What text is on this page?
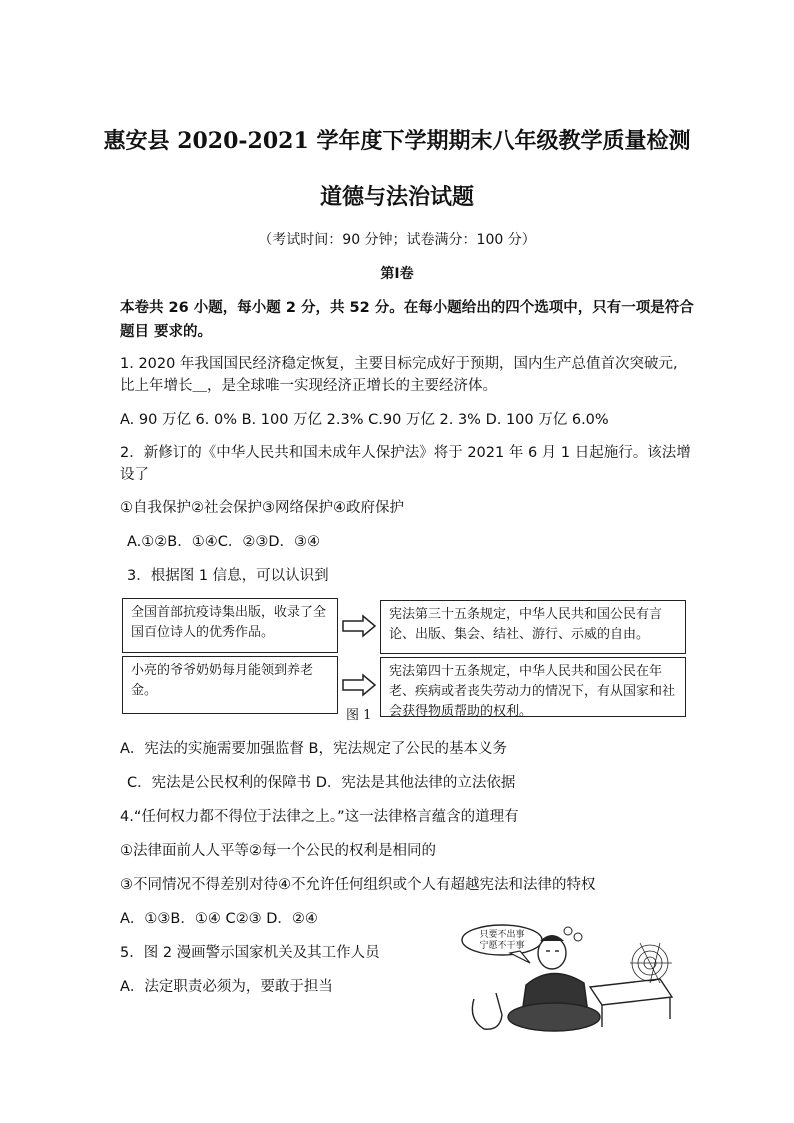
惠安县 2020-2021 学年度下学期期末八年级教学质量检测
道德与法治试题
（考试时间：90 分钟；试卷满分：100 分）
第Ⅰ卷
本卷共 26 小题，每小题 2 分，共 52 分。在每小题给出的四个选项中，只有一项是符合
题目 要求的。
1. 2020 年我国国民经济稳定恢复，主要目标完成好于预期，国内生产总值首次突破元,
比上年增长＿，是全球唯一实现经济正增长的主要经济体。
A. 90 万亿 6. 0% B. 100 万亿 2.3% C.90 万亿 2. 3% D. 100 万亿 6.0%
2．新修订的《中华人民共和国未成年人保护法》将于 2021 年 6 月 1 日起施行。该法增
设了
①自我保护②社会保护③网络保护④政府保护
A.①②B．①④C．②③D．③④
3．根据图 1 信息，可以认识到
全国首部抗疫诗集出版，收录了全国百位诗人的优秀作品。
宪法第三十五条规定，中华人民共和国公民有言论、出版、集会、结社、游行、示威的自由。
小亮的爷爷奶奶每月能领到养老金。
图 1
宪法第四十五条规定，中华人民共和国公民在年老、疾病或者丧失劳动力的情况下，有从国家和社会获得物质帮助的权利。
A．宪法的实施需要加强监督 B，宪法规定了公民的基本义务
C．宪法是公民权利的保障书 D．宪法是其他法律的立法依据
4.“任何权力都不得位于法律之上。”这一法律格言蕴含的道理有
①法律面前人人平等②每一个公民的权利是相同的
③不同情况不得差别对待④不允许任何组织或个人有超越宪法和法律的特权
A．①③B．①④ C②③ D．②④
5．图 2 漫画警示国家机关及其工作人员
A．法定职责必须为，要敢于担当
只要不出事
宁愿不干事
